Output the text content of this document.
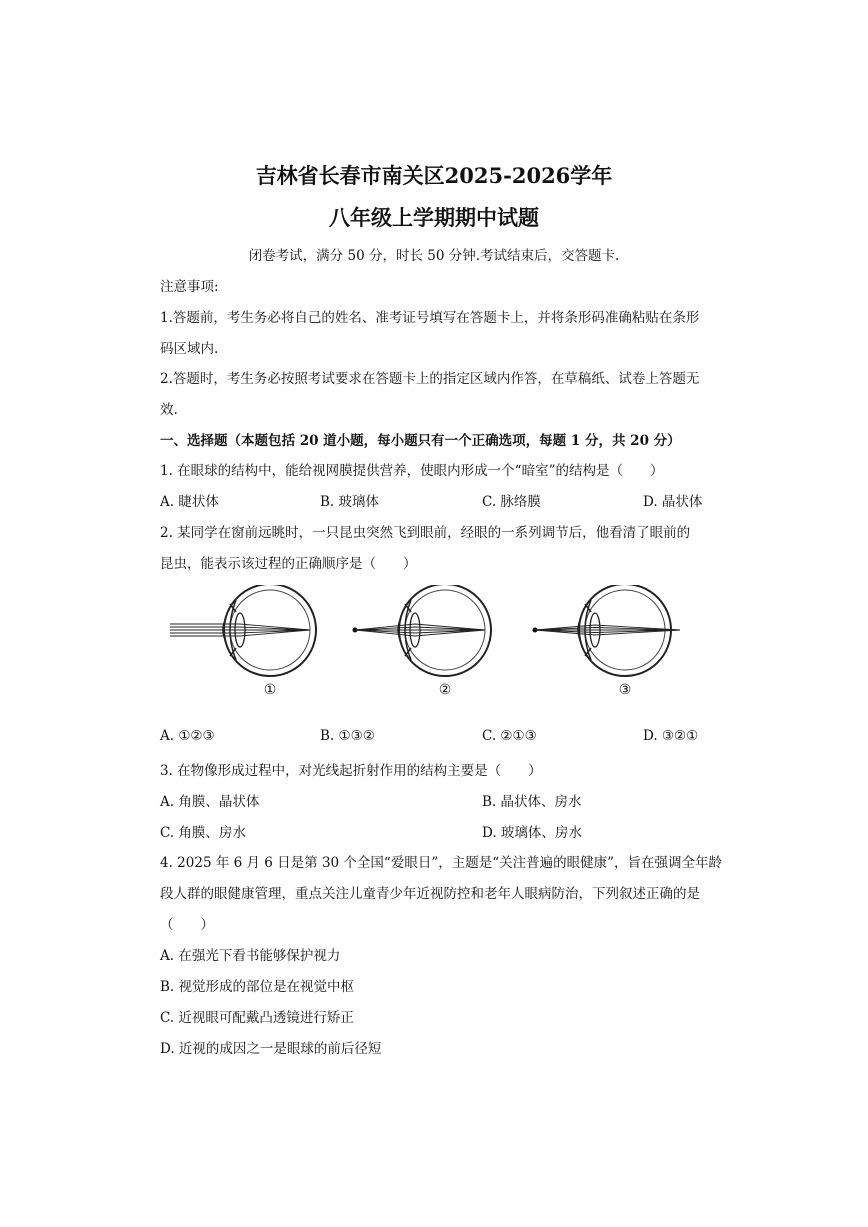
吉林省长春市南关区2025-2026学年
八年级上学期期中试题
闭卷考试，满分 50 分，时长 50 分钟.考试结束后，交答题卡.
注意事项:
1.答题前，考生务必将自己的姓名、准考证号填写在答题卡上，并将条形码准确粘贴在条形
码区域内.
2.答题时，考生务必按照考试要求在答题卡上的指定区域内作答，在草稿纸、试卷上答题无
效.
一、选择题（本题包括 20 道小题，每小题只有一个正确选项，每题 1 分，共 20 分）
1. 在眼球的结构中，能给视网膜提供营养，使眼内形成一个“暗室”的结构是（　　）
A. 睫状体	B. 玻璃体	C. 脉络膜	D. 晶状体
2. 某同学在窗前远眺时，一只昆虫突然飞到眼前，经眼的一系列调节后，他看清了眼前的
昆虫，能表示该过程的正确顺序是（　　）
①	②	③
A. ①②③	B. ①③②	C. ②①③	D. ③②①
3. 在物像形成过程中，对光线起折射作用的结构主要是（　　）
A. 角膜、晶状体	B. 晶状体、房水
C. 角膜、房水	D. 玻璃体、房水
4. 2025 年 6 月 6 日是第 30 个全国“爱眼日”，主题是“关注普遍的眼健康”，旨在强调全年龄
段人群的眼健康管理，重点关注儿童青少年近视防控和老年人眼病防治，下列叙述正确的是
（　　）
A. 在强光下看书能够保护视力
B. 视觉形成的部位是在视觉中枢
C. 近视眼可配戴凸透镜进行矫正
D. 近视的成因之一是眼球的前后径短
